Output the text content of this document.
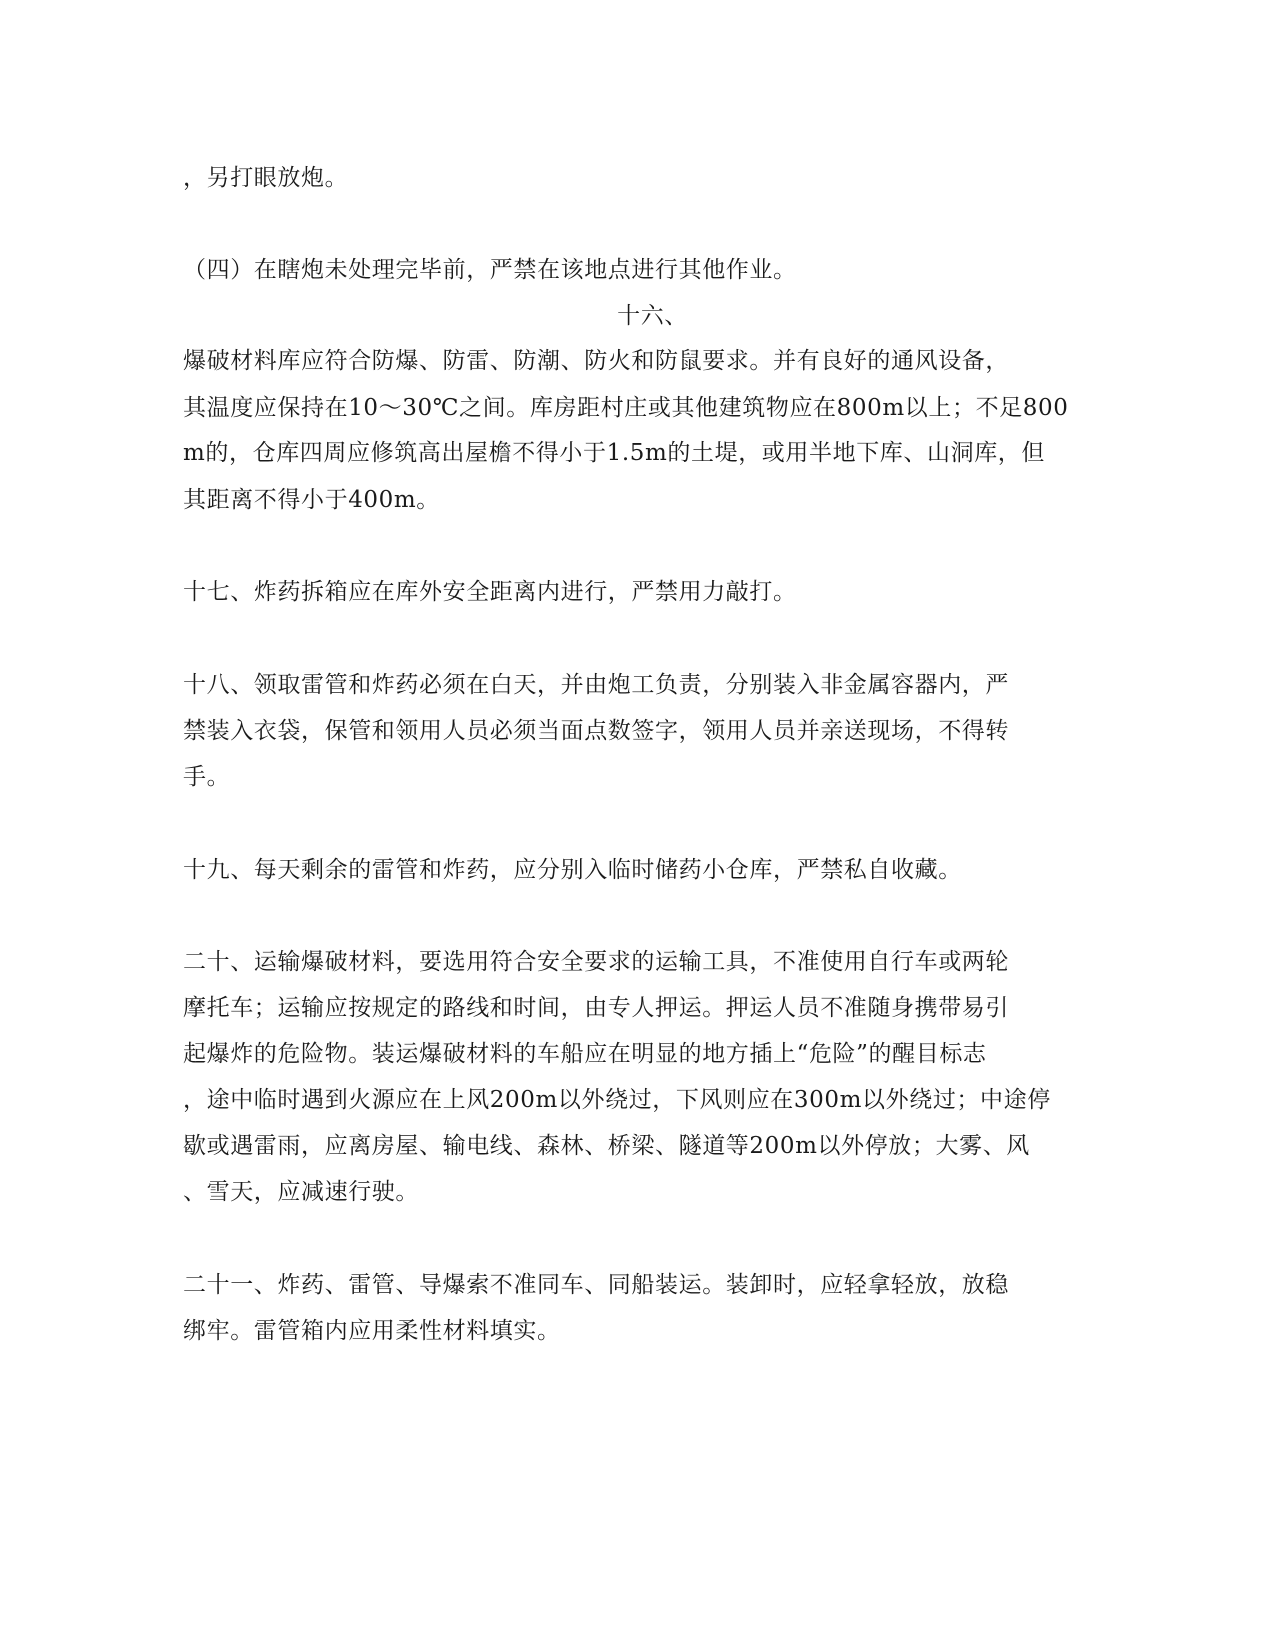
，另打眼放炮。
（四）在瞎炮未处理完毕前，严禁在该地点进行其他作业。
十六、
爆破材料库应符合防爆、防雷、防潮、防火和防鼠要求。并有良好的通风设备，
其温度应保持在10～30℃之间。库房距村庄或其他建筑物应在800m以上；不足800
m的，仓库四周应修筑高出屋檐不得小于1.5m的土堤，或用半地下库、山洞库，但
其距离不得小于400m。
十七、炸药拆箱应在库外安全距离内进行，严禁用力敲打。
十八、领取雷管和炸药必须在白天，并由炮工负责，分别装入非金属容器内，严
禁装入衣袋，保管和领用人员必须当面点数签字，领用人员并亲送现场，不得转
手。
十九、每天剩余的雷管和炸药，应分别入临时储药小仓库，严禁私自收藏。
二十、运输爆破材料，要选用符合安全要求的运输工具，不准使用自行车或两轮
摩托车；运输应按规定的路线和时间，由专人押运。押运人员不准随身携带易引
起爆炸的危险物。装运爆破材料的车船应在明显的地方插上“危险”的醒目标志
，途中临时遇到火源应在上风200m以外绕过，下风则应在300m以外绕过；中途停
歇或遇雷雨，应离房屋、输电线、森林、桥梁、隧道等200m以外停放；大雾、风
、雪天，应减速行驶。
二十一、炸药、雷管、导爆索不准同车、同船装运。装卸时，应轻拿轻放，放稳
绑牢。雷管箱内应用柔性材料填实。
